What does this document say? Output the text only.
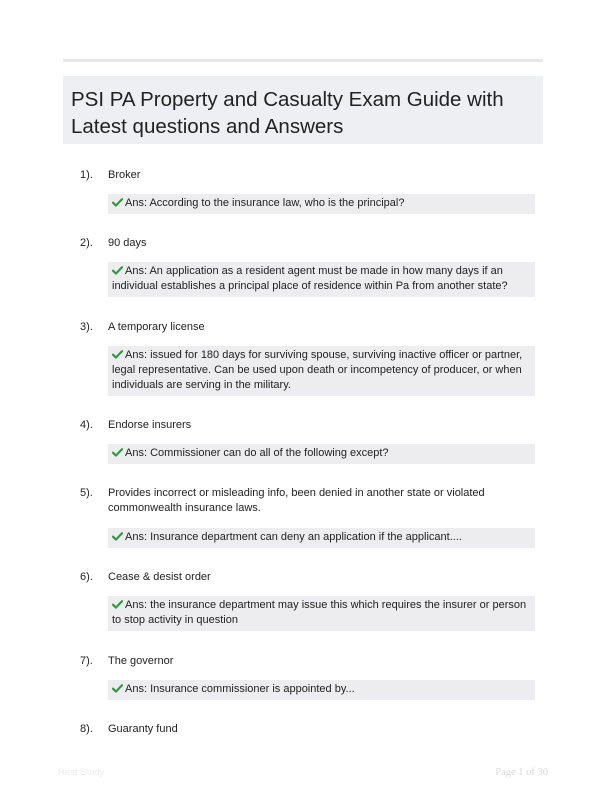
PSI PA Property and Casualty Exam Guide with Latest questions and Answers
1). Broker
Ans: According to the insurance law, who is the principal?
2). 90 days
Ans: An application as a resident agent must be made in how many days if an individual establishes a principal place of residence within Pa from another state?
3). A temporary license
Ans: issued for 180 days for surviving spouse, surviving inactive officer or partner, legal representative. Can be used upon death or incompetency of producer, or when individuals are serving in the military.
4). Endorse insurers
Ans: Commissioner can do all of the following except?
5). Provides incorrect or misleading info, been denied in another state or violated commonwealth insurance laws.
Ans: Insurance department can deny an application if the applicant....
6). Cease & desist order
Ans: the insurance department may issue this which requires the insurer or person to stop activity in question
7). The governor
Ans: Insurance commissioner is appointed by...
8). Guaranty fund
Rest Study	Page 1 of 30
